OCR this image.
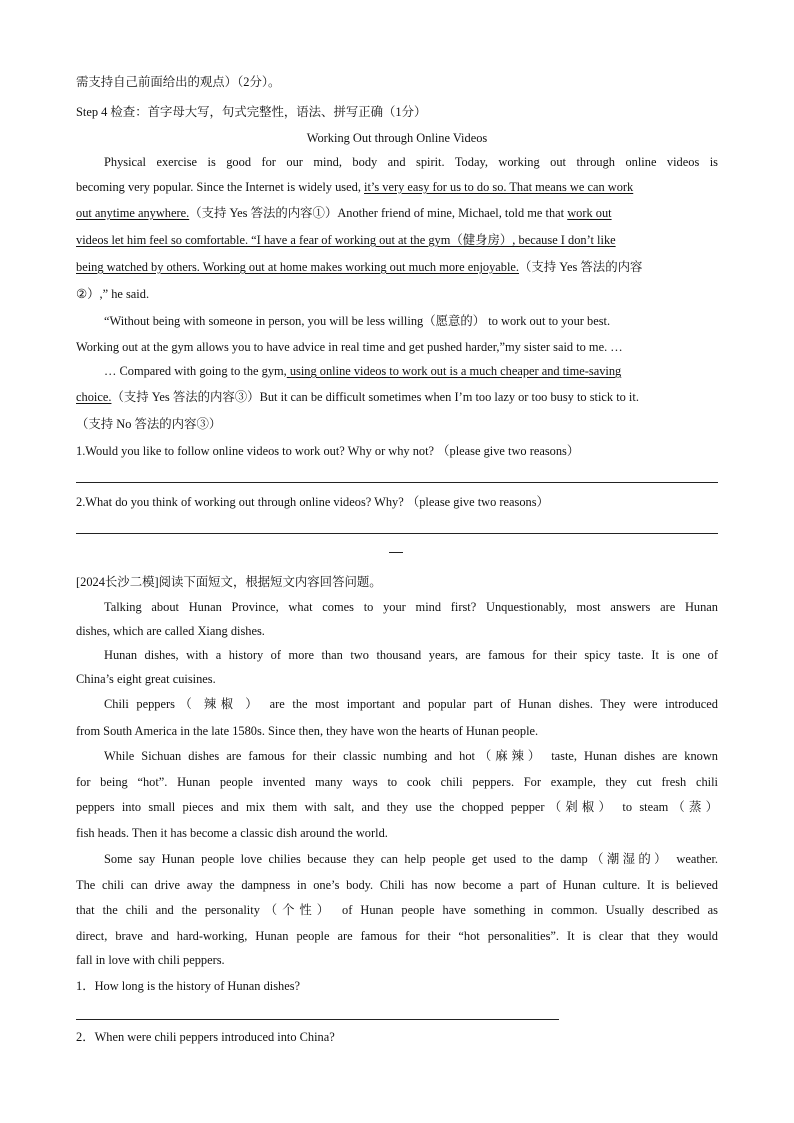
需支持自己前面给出的观点）（2分）。
Step 4 检查：首字母大写，句式完整性，语法、拼写正确（1分）
Working Out through Online Videos
Physical exercise is good for our mind, body and spirit. Today, working out through online videos is
becoming very popular. Since the Internet is widely used, it’s very easy for us to do so. That means we can work
out anytime anywhere.（支持 Yes 答法的内容①）Another friend of mine, Michael, told me that work out
videos let him feel so comfortable. “I have a fear of working out at the gym（健身房）, because I don’t like
being watched by others. Working out at home makes working out much more enjoyable.（支持 Yes 答法的内容
②）,” he said.
“Without being with someone in person, you will be less willing（愿意的） to work out to your best.
Working out at the gym allows you to have advice in real time and get pushed harder,”my sister said to me. …
… Compared with going to the gym, using online videos to work out is a much cheaper and time-saving
choice.（支持 Yes 答法的内容③）But it can be difficult sometimes when I’m too lazy or too busy to stick to it.
（支持 No 答法的内容③）
1.Would you like to follow online videos to work out? Why or why not? （please give two reasons）
2.What do you think of working out through online videos? Why? （please give two reasons）
[2024长沙二模]阅读下面短文，根据短文内容回答问题。
Talking about Hunan Province, what comes to your mind first? Unquestionably, most answers are Hunan
dishes, which are called Xiang dishes.
Hunan dishes, with a history of more than two thousand years, are famous for their spicy taste. It is one of
China’s eight great cuisines.
Chili peppers（ 辣椒 ） are the most important and popular part of Hunan dishes. They were introduced
from South America in the late 1580s. Since then, they have won the hearts of Hunan people.
While Sichuan dishes are famous for their classic numbing and hot（麻辣） taste, Hunan dishes are known
for being “hot”. Hunan people invented many ways to cook chili peppers. For example, they cut fresh chili
peppers into small pieces and mix them with salt, and they use the chopped pepper（剁椒） to steam（蒸）
fish heads. Then it has become a classic dish around the world.
Some say Hunan people love chilies because they can help people get used to the damp（潮湿的） weather.
The chili can drive away the dampness in one’s body. Chili has now become a part of Hunan culture. It is believed
that the chili and the personality（个性） of Hunan people have something in common. Usually described as
direct, brave and hard-working, Hunan people are famous for their “hot personalities”. It is clear that they would
fall in love with chili peppers.
1．How long is the history of Hunan dishes?
2．When were chili peppers introduced into China?
